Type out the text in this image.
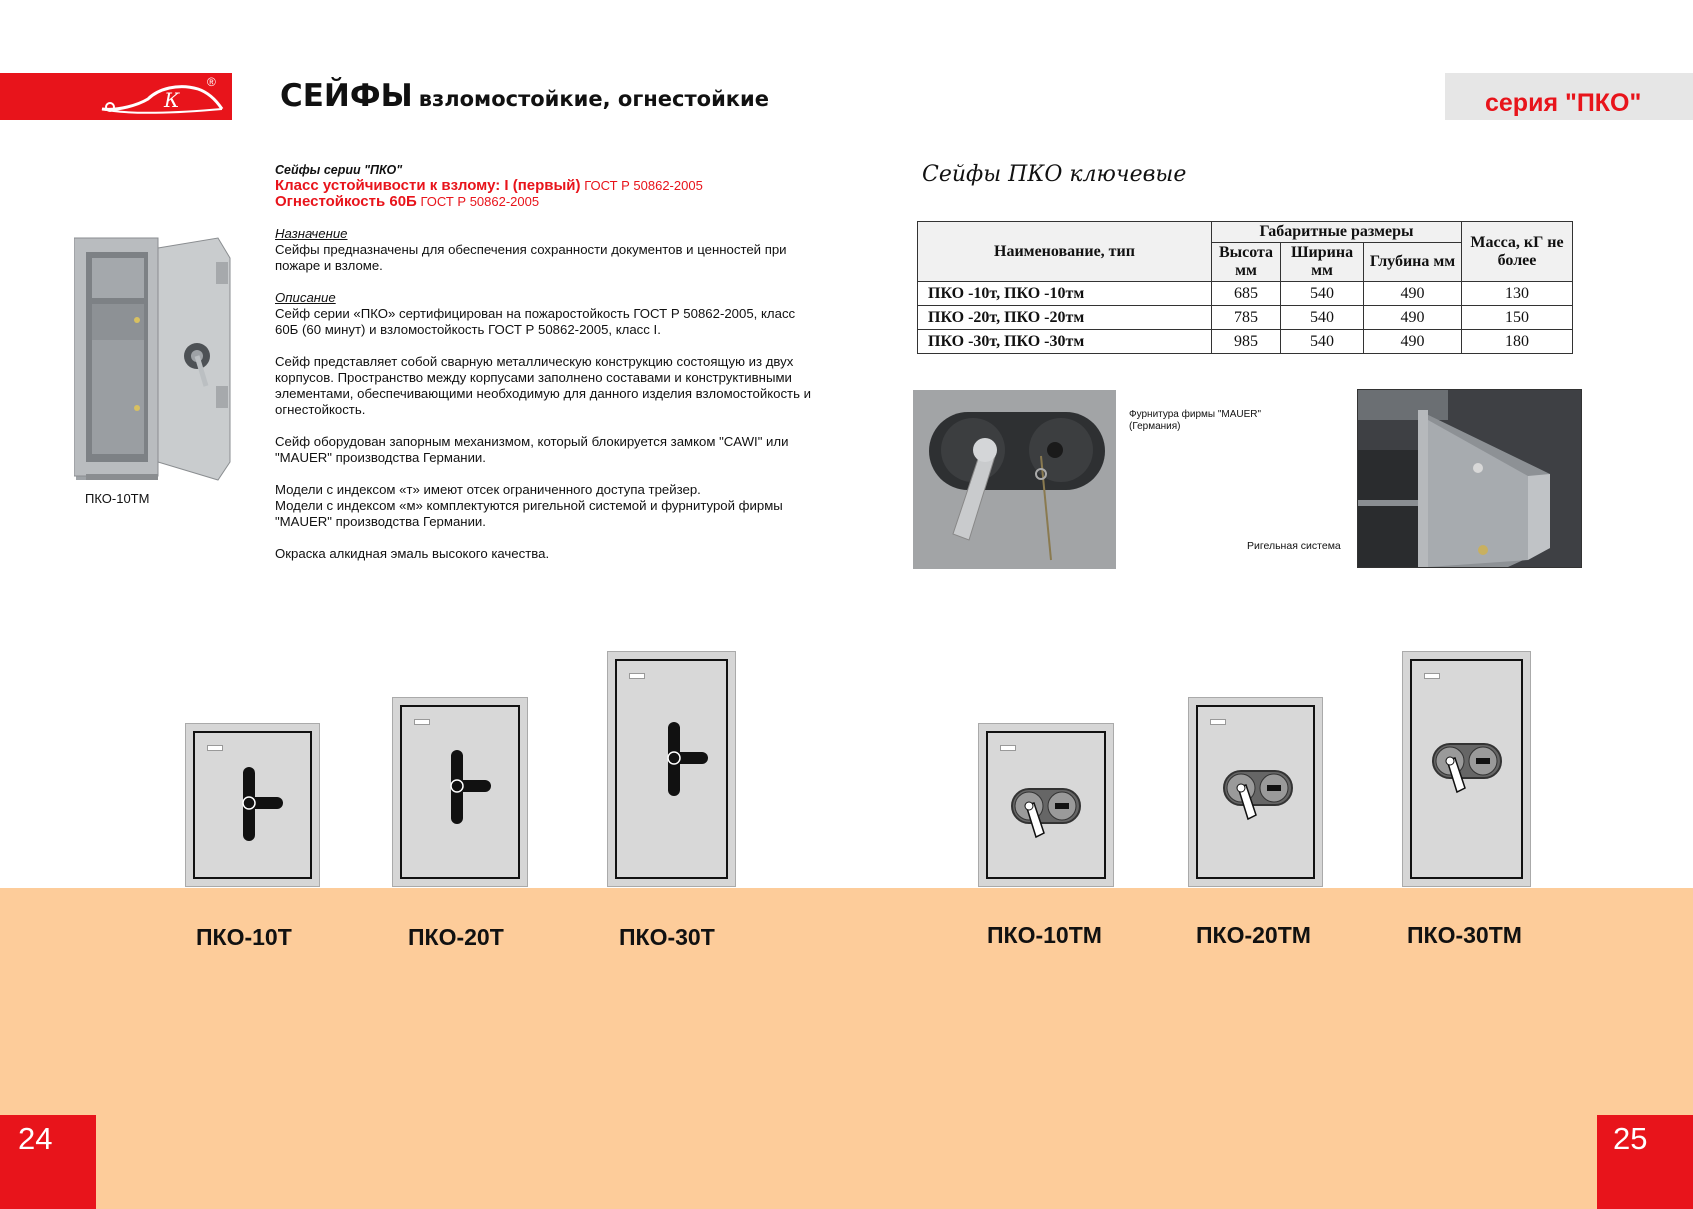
К
® СЕЙФЫ взломостойкие, огнестойкие	серия "ПКО"

Сейфы серии "ПКО"

Класс устойчивости к взлому: I (первый) ГОСТ Р 50862-2005

Огнестойкость 60Б ГОСТ Р 50862-2005

Назначение

Сейфы предназначены для обеспечения сохранности документов и ценностей при пожаре и взломе.

Описание

Сейф серии «ПКО» сертифицирован на пожаростойкость ГОСТ Р 50862-2005, класс 60Б (60 минут) и взломостойкость ГОСТ Р 50862-2005, класс I.

Сейф представляет собой сварную металлическую конструкцию состоящую из двух корпусов. Пространство между корпусами заполнено составами и конструктивными элементами, обеспечивающими необходимую для данного изделия взломостойкость и огнестойкость.

Сейф оборудован запорным механизмом, который блокируется замком "CAWI" или "MAUER" производства Германии.

Модели с индексом «т» имеют отсек ограниченного доступа трейзер.

Модели с индексом «м» комплектуются ригельной системой и фурнитурой фирмы "MAUER" производства Германии.

Окраска алкидная эмаль высокого качества.

ПКО-10ТМ
Сейфы ПКО ключевые
Наименование, тип	Габаритные размеры			Масса, кГ не более
	Высота мм	Ширина мм	Глубина мм	
ПКО -10т, ПКО -10тм	685	540	490	130
ПКО -20т, ПКО -20тм	785	540	490	150
ПКО -30т, ПКО -30тм	985	540	490	180
Фурнитура фирмы "MAUER" (Германия)
Ригельная система
ПКО-10Т	ПКО-20Т	ПКО-30Т	ПКО-10ТМ	ПКО-20ТМ	ПКО-30ТМ
24	25
